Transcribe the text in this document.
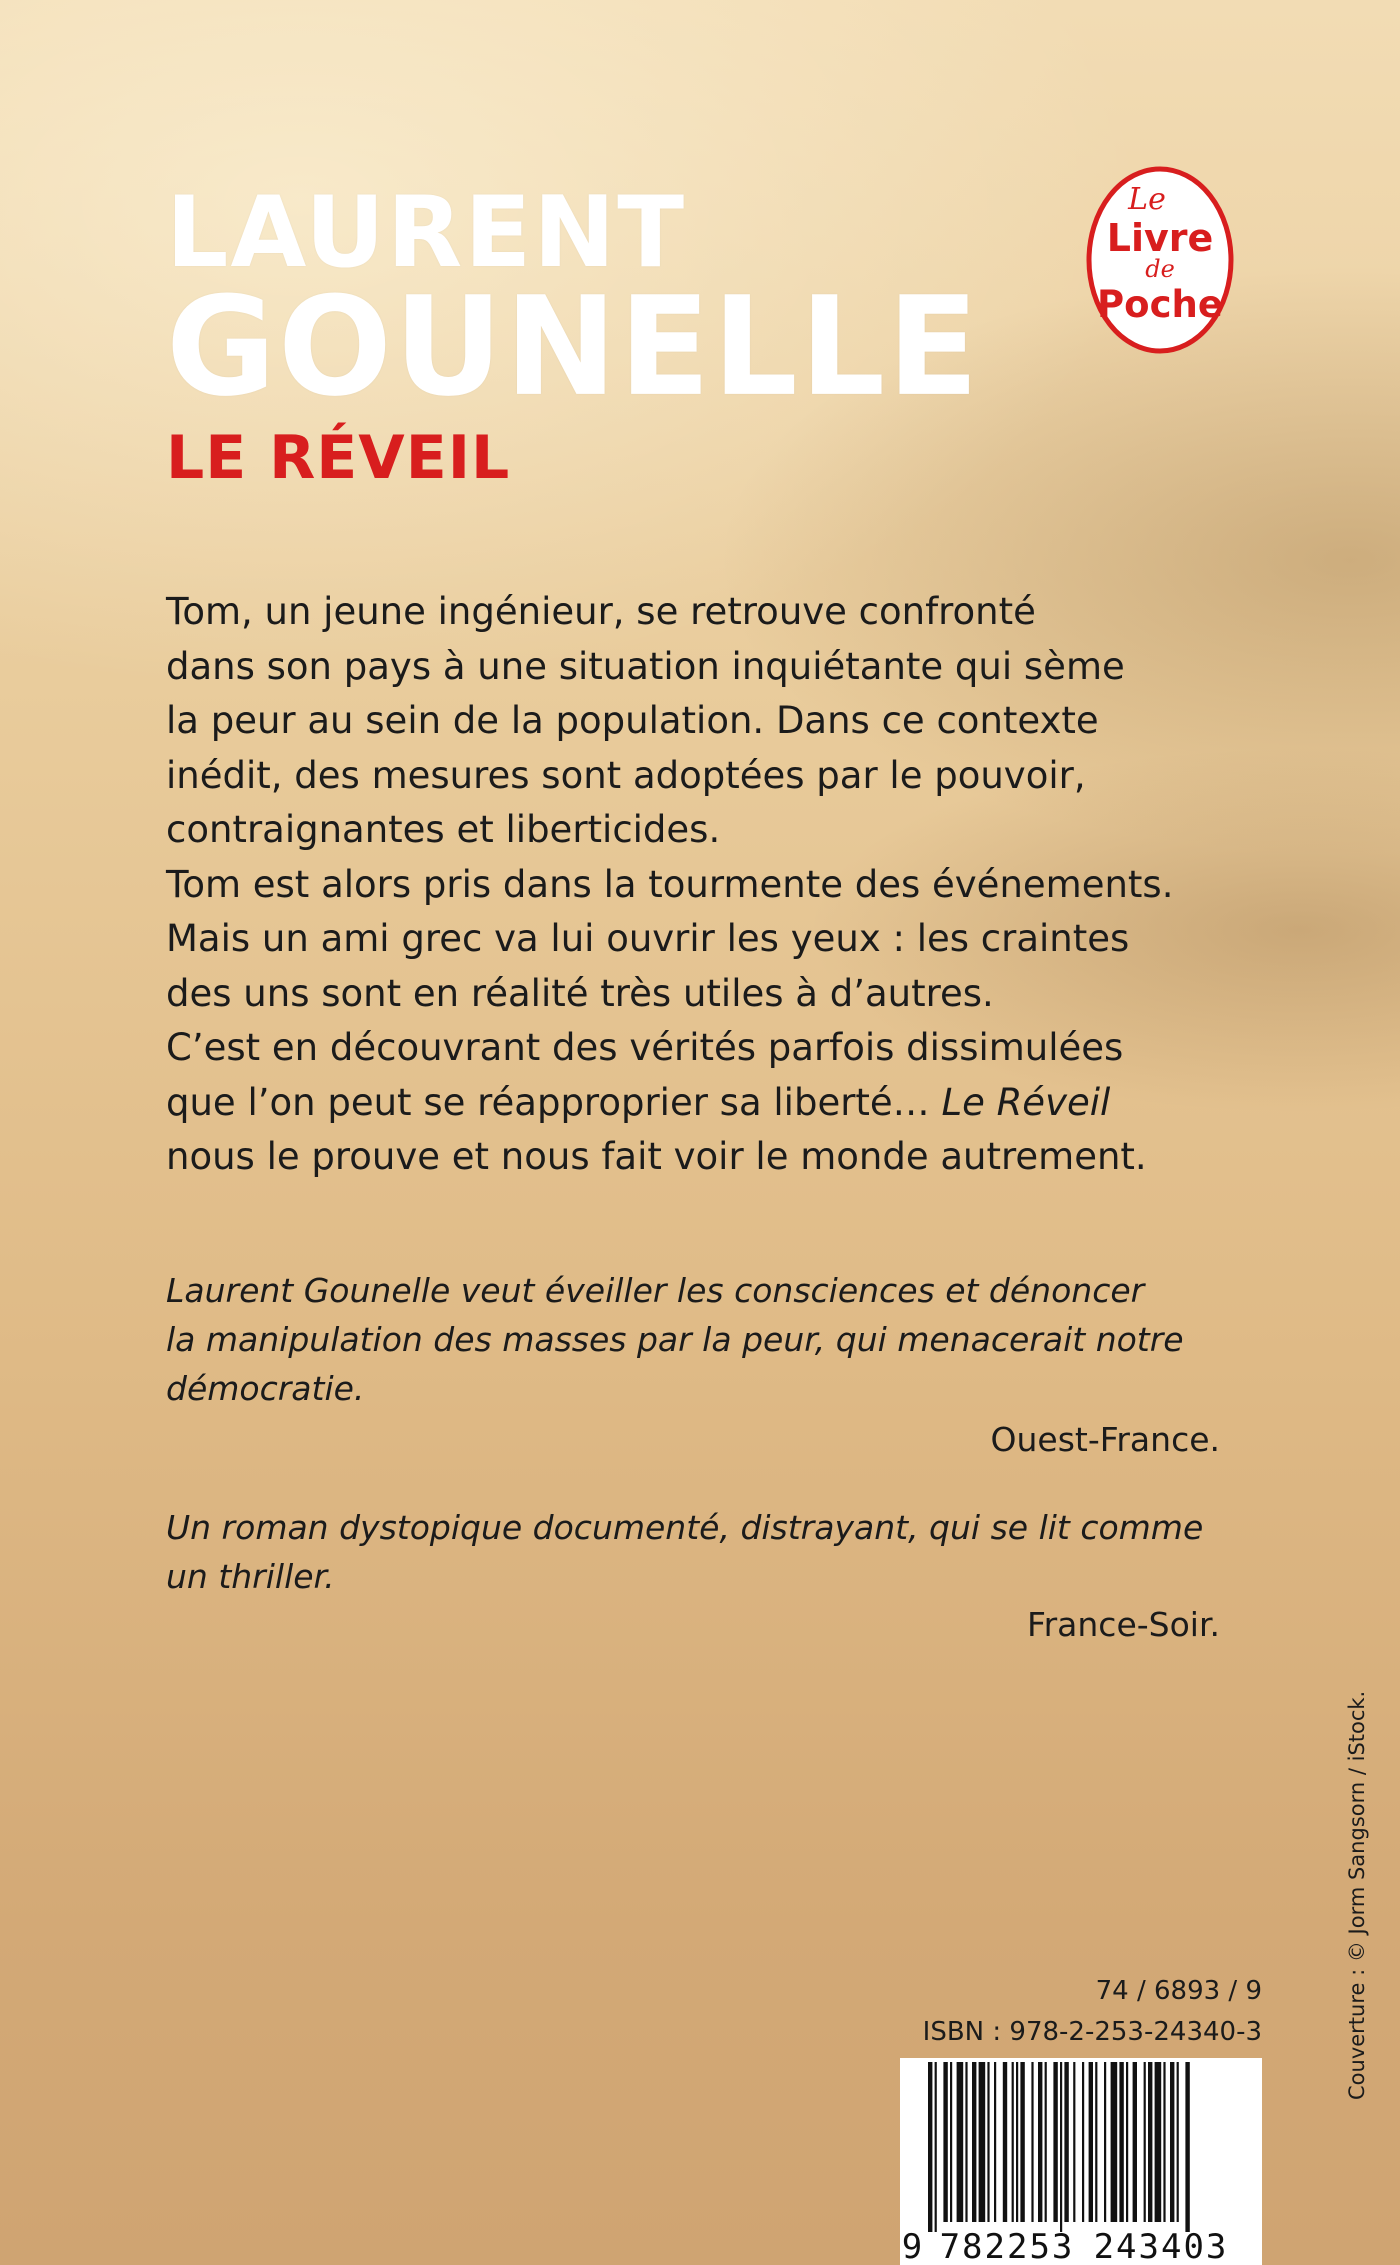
LAURENT
GOUNELLE
LE RÉVEIL
Le
Livre
de
Poche

Tom, un jeune ingénieur, se retrouve confronté

dans son pays à une situation inquiétante qui sème

la peur au sein de la population. Dans ce contexte

inédit, des mesures sont adoptées par le pouvoir,

contraignantes et liberticides.

Tom est alors pris dans la tourmente des événements.

Mais un ami grec va lui ouvrir les yeux : les craintes

des uns sont en réalité très utiles à d’autres.

C’est en découvrant des vérités parfois dissimulées

que l’on peut se réapproprier sa liberté… Le Réveil

nous le prouve et nous fait voir le monde autrement.

Laurent Gounelle veut éveiller les consciences et dénoncer

la manipulation des masses par la peur, qui menacerait notre

démocratie.

Ouest-France.

Un roman dystopique documenté, distrayant, qui se lit comme

un thriller.

France-Soir.
74 / 6893 / 9
ISBN : 978-2-253-24340-3	Couverture : © Jorm Sangsorn / iStock.
9 782253 243403
